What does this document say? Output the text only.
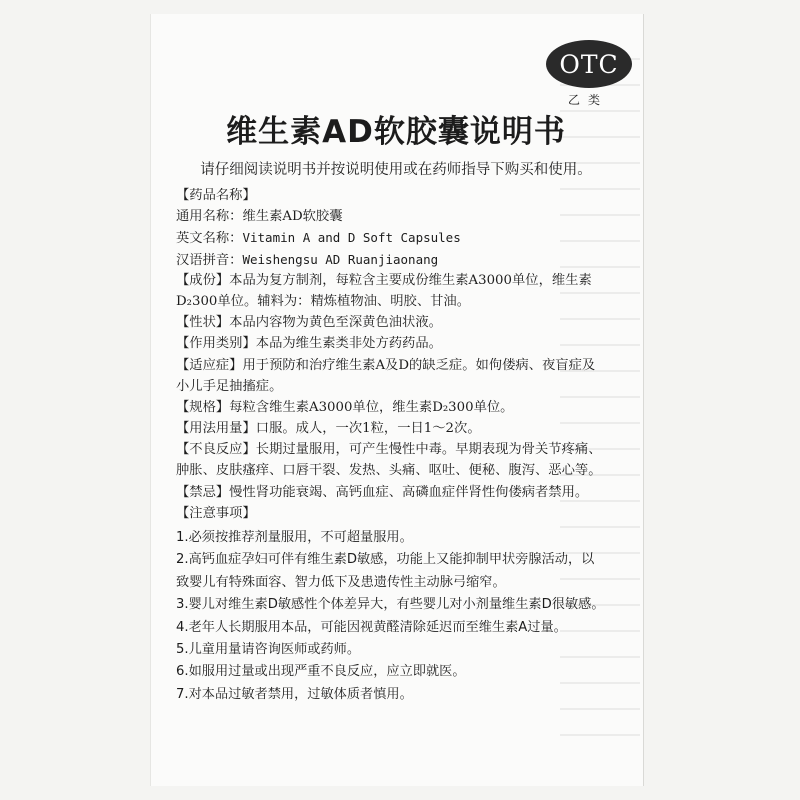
OTC
乙类
维生素AD软胶囊说明书
请仔细阅读说明书并按说明使用或在药师指导下购买和使用。
【药品名称】
通用名称：维生素AD软胶囊
英文名称：Vitamin A and D Soft Capsules
汉语拼音：Weishengsu AD Ruanjiaonang
【成份】本品为复方制剂，每粒含主要成份维生素A3000单位，维生素
D₂300单位。辅料为：精炼植物油、明胶、甘油。
【性状】本品内容物为黄色至深黄色油状液。
【作用类别】本品为维生素类非处方药药品。
【适应症】用于预防和治疗维生素A及D的缺乏症。如佝偻病、夜盲症及
小儿手足抽搐症。
【规格】每粒含维生素A3000单位，维生素D₂300单位。
【用法用量】口服。成人，一次1粒，一日1～2次。
【不良反应】长期过量服用，可产生慢性中毒。早期表现为骨关节疼痛、
肿胀、皮肤瘙痒、口唇干裂、发热、头痛、呕吐、便秘、腹泻、恶心等。
【禁忌】慢性肾功能衰竭、高钙血症、高磷血症伴肾性佝偻病者禁用。
【注意事项】
1.必须按推荐剂量服用，不可超量服用。
2.高钙血症孕妇可伴有维生素D敏感，功能上又能抑制甲状旁腺活动，以
致婴儿有特殊面容、智力低下及患遗传性主动脉弓缩窄。
3.婴儿对维生素D敏感性个体差异大，有些婴儿对小剂量维生素D很敏感。
4.老年人长期服用本品，可能因视黄醛清除延迟而至维生素A过量。
5.儿童用量请咨询医师或药师。
6.如服用过量或出现严重不良反应，应立即就医。
7.对本品过敏者禁用，过敏体质者慎用。
